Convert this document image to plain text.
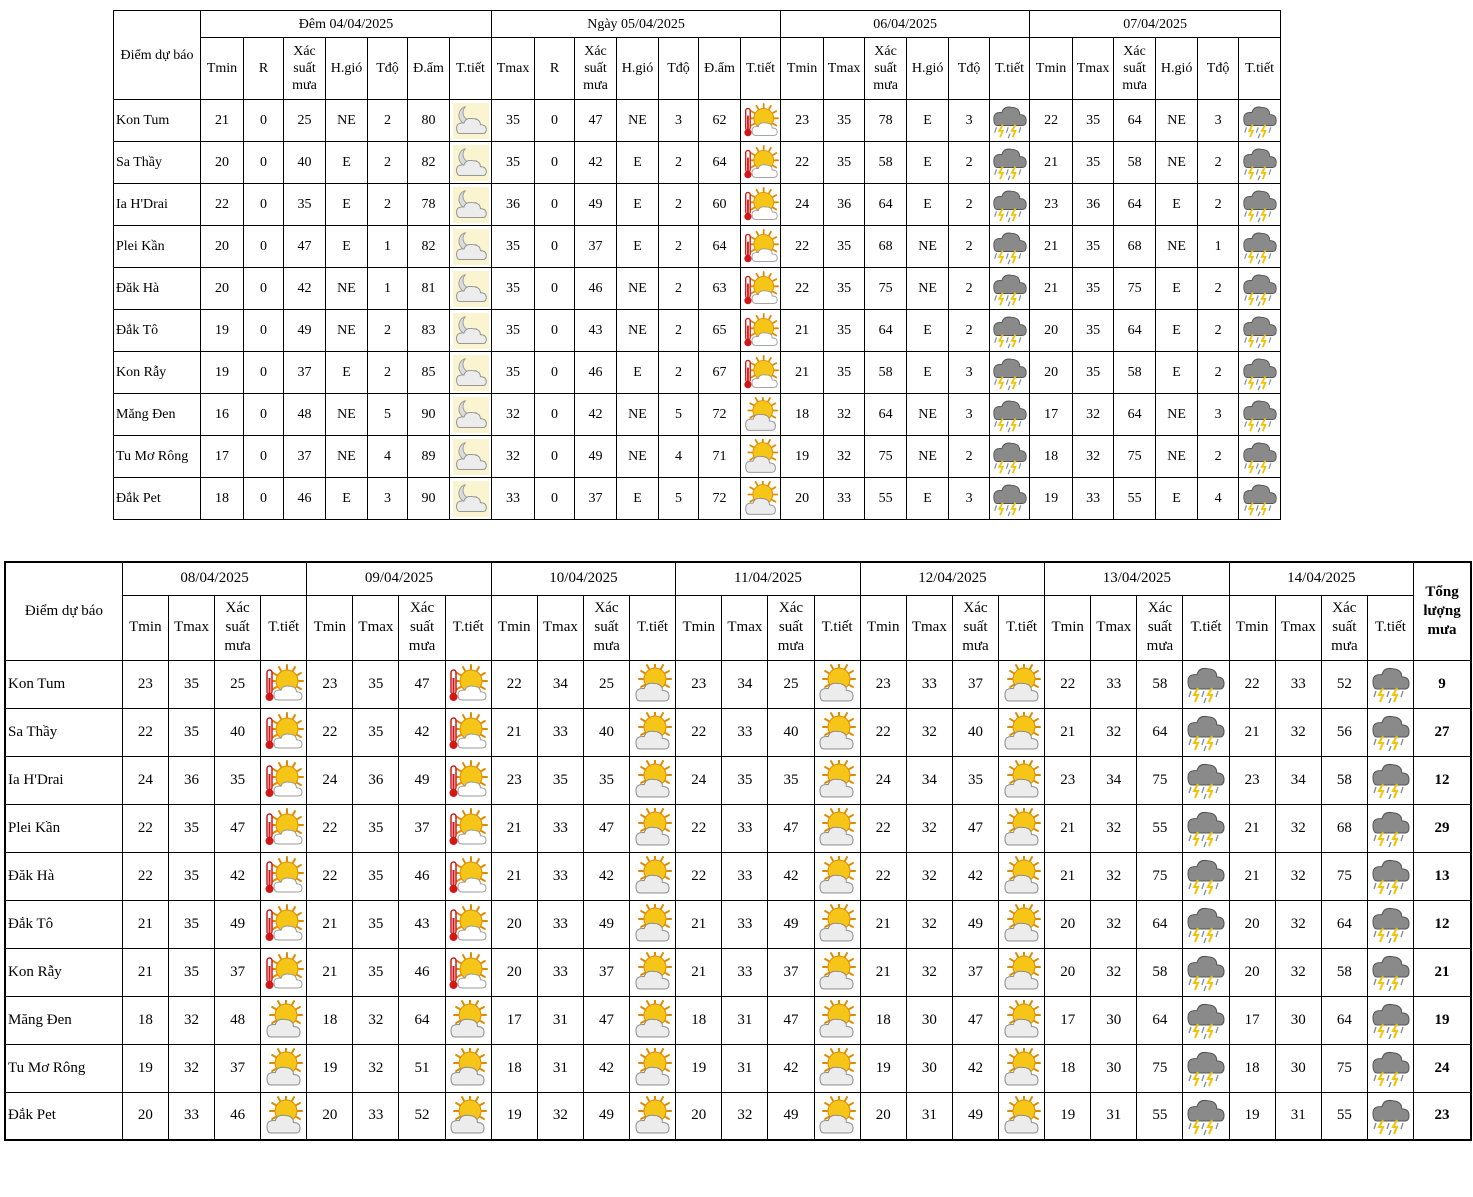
Điểm dự báo	Đêm 04/04/2025							Ngày 05/04/2025							06/04/2025						07/04/2025					
	Tmin	R	Xác suất mưa	H.gió	Tđộ	Đ.ẩm	T.tiết	Tmax	R	Xác suất mưa	H.gió	Tđộ	Đ.ẩm	T.tiết	Tmin	Tmax	Xác suất mưa	H.gió	Tđộ	T.tiết	Tmin	Tmax	Xác suất mưa	H.gió	Tđộ	T.tiết
Kon Tum	21	0	25	NE	2	80		35	0	47	NE	3	62		23	35	78	E	3		22	35	64	NE	3	

Sa Thầy	20	0	40	E	2	82		35	0	42	E	2	64		22	35	58	E	2		21	35	58	NE	2	

Ia H'Drai	22	0	35	E	2	78		36	0	49	E	2	60		24	36	64	E	2		23	36	64	E	2	

Plei Kần	20	0	47	E	1	82		35	0	37	E	2	64		22	35	68	NE	2		21	35	68	NE	1	

Đăk Hà	20	0	42	NE	1	81		35	0	46	NE	2	63		22	35	75	NE	2		21	35	75	E	2	

Đắk Tô	19	0	49	NE	2	83		35	0	43	NE	2	65		21	35	64	E	2		20	35	64	E	2	

Kon Rẫy	19	0	37	E	2	85		35	0	46	E	2	67		21	35	58	E	3		20	35	58	E	2	

Măng Đen	16	0	48	NE	5	90		32	0	42	NE	5	72		18	32	64	NE	3		17	32	64	NE	3	

Tu Mơ Rông	17	0	37	NE	4	89		32	0	49	NE	4	71		19	32	75	NE	2		18	32	75	NE	2	

Đắk Pet	18	0	46	E	3	90		33	0	37	E	5	72		20	33	55	E	3		19	33	55	E	4	
Điểm dự báo	08/04/2025				09/04/2025				10/04/2025				11/04/2025				12/04/2025				13/04/2025				14/04/2025				Tổng lượng mưa
	Tmin	Tmax	Xác suất mưa	T.tiết	Tmin	Tmax	Xác suất mưa	T.tiết	Tmin	Tmax	Xác suất mưa	T.tiết	Tmin	Tmax	Xác suất mưa	T.tiết	Tmin	Tmax	Xác suất mưa	T.tiết	Tmin	Tmax	Xác suất mưa	T.tiết	Tmin	Tmax	Xác suất mưa	T.tiết	
Kon Tum	23	35	25		23	35	47		22	34	25		23	34	25		23	33	37		22	33	58		22	33	52		9
Sa Thầy	22	35	40		22	35	42		21	33	40		22	33	40		22	32	40		21	32	64		21	32	56		27
Ia H'Drai	24	36	35		24	36	49		23	35	35		24	35	35		24	34	35		23	34	75		23	34	58		12
Plei Kần	22	35	47		22	35	37		21	33	47		22	33	47		22	32	47		21	32	55		21	32	68		29
Đăk Hà	22	35	42		22	35	46		21	33	42		22	33	42		22	32	42		21	32	75		21	32	75		13
Đắk Tô	21	35	49		21	35	43		20	33	49		21	33	49		21	32	49		20	32	64		20	32	64		12
Kon Rẫy	21	35	37		21	35	46		20	33	37		21	33	37		21	32	37		20	32	58		20	32	58		21
Măng Đen	18	32	48		18	32	64		17	31	47		18	31	47		18	30	47		17	30	64		17	30	64		19
Tu Mơ Rông	19	32	37		19	32	51		18	31	42		19	31	42		19	30	42		18	30	75		18	30	75		24
Đắk Pet	20	33	46		20	33	52		19	32	49		20	32	49		20	31	49		19	31	55		19	31	55		23
